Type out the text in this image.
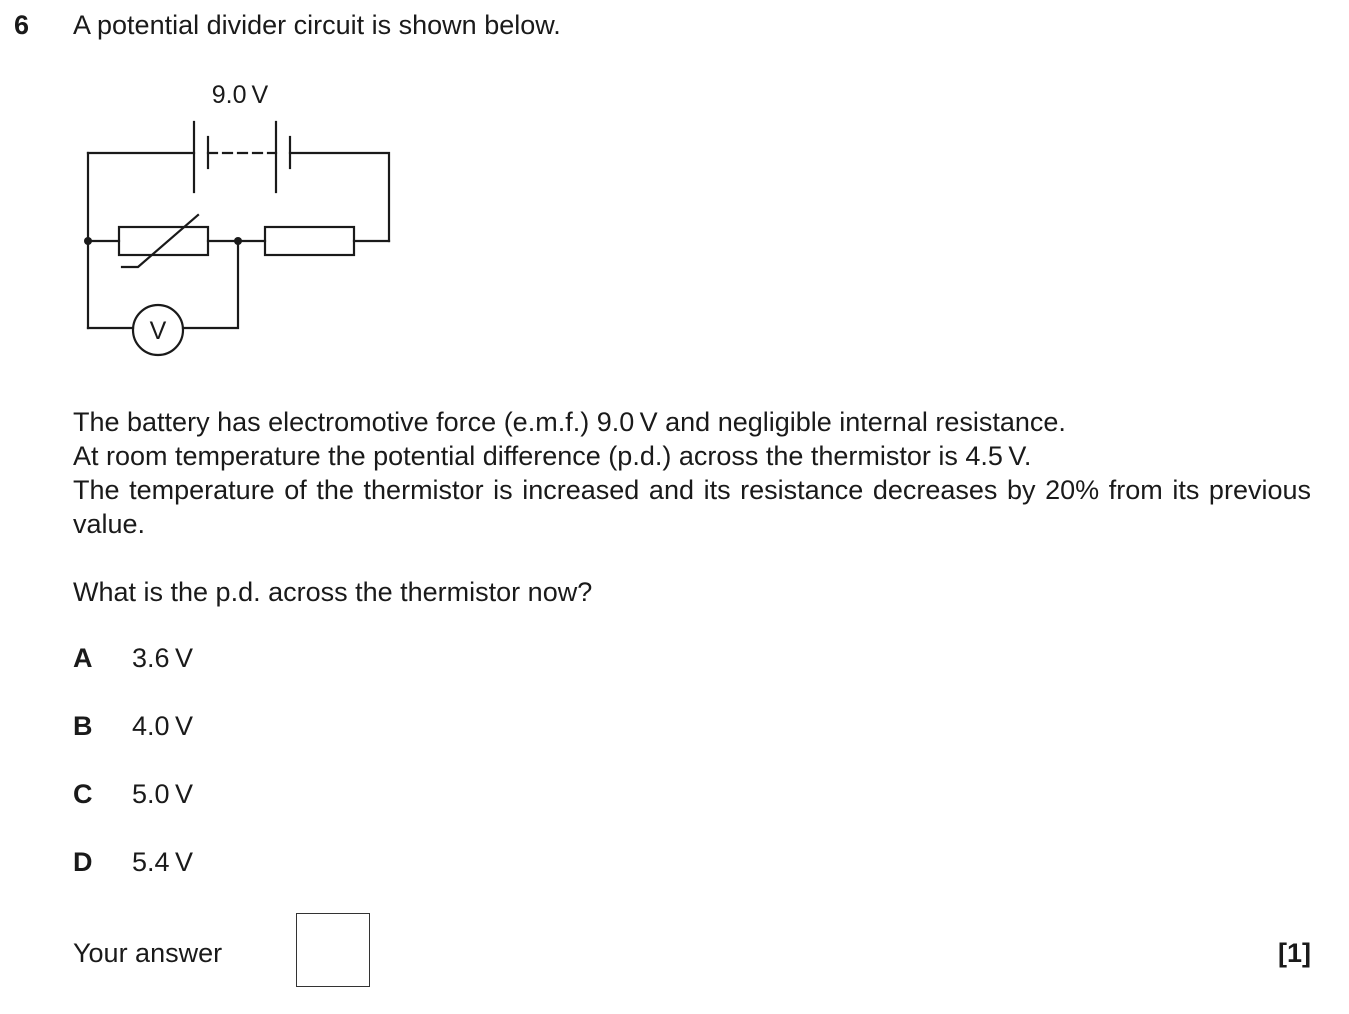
6 A potential divider circuit is shown below.
9.0 V
V
The battery has electromotive force (e.m.f.) 9.0 V and negligible internal resistance.
At room temperature the potential difference (p.d.) across the thermistor is 4.5 V.
The temperature of the thermistor is increased and its resistance decreases by 20% from its previous value.
What is the p.d. across the thermistor now?
A 3.6 V
B 4.0 V
C 5.0 V
D 5.4 V
Your answer	[1]
